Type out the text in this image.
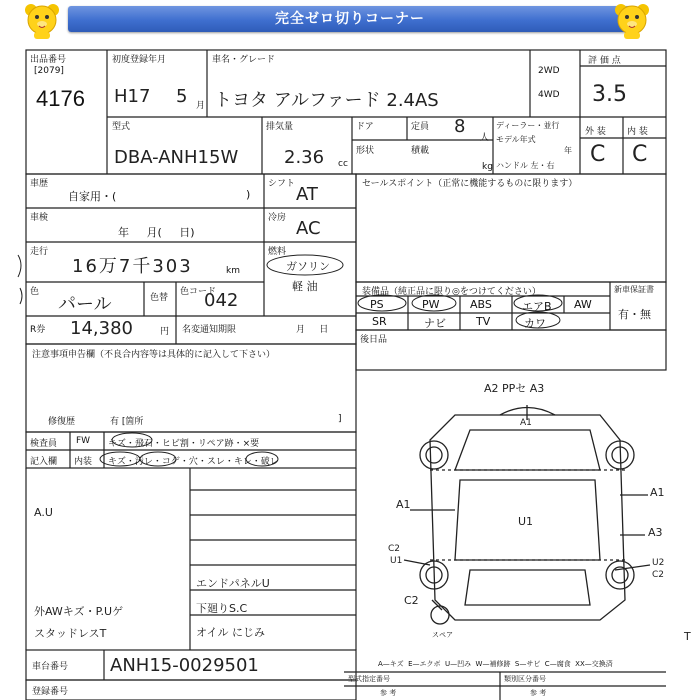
完全ゼロ切りコーナー
出品番号
[2079]
4176
初度登録年月
H17 5 月
車名・グレード
トヨタ アルファード 2.4AS
2WD
4WD
評 価 点
3.5
型式
DBA-ANH15W
排気量
2.36 cc
ドア	定員 8
人
形状	積載
kg
ディーラー・並行
モデル年式
年
ハンドル 左・右
外 装 内 装
C C
車歴
自家用・(	)
車検
年     月(     日)
走行
16万7千303	km
色
パール	色替
色コード
042
R券 14,380	円 名変通知期限	月     日
シフト AT
冷房 AC
燃料
ガソリン
軽 油
セールスポイント（正常に機能するものに限ります）
装備品（純正品に限り◎をつけてください）	新車保証書
有・無
PS	PW	ABS	エアB AW
SR	ナビ	TV	カワ
後日品
注意事項申告欄（不良合内容等は具体的に記入して下さい）
修復歴	有 [箇所	]
検査員
記入欄
FW キズ・飛石・ヒビ割・リペア跡・×要
内装 キズ・汚レ・コゲ・穴・スレ・キレ・破レ
A.U
外AWキズ・P.Uゲ
スタッドレスT
エンドパネルU
下廻りS.C
オイル にじみ
車台番号 ANH15-0029501
登録番号
A2 PPセ A3
A1
A1
A1
A3
U1
C2
U1	U2
C2
C2
スペア	T
A—キズ  E—エクボ  U—凹み  W—補修跡  S—サビ  C—腐食  XX—交換済
型式指定番号	類別区分番号
参 考	参 考
